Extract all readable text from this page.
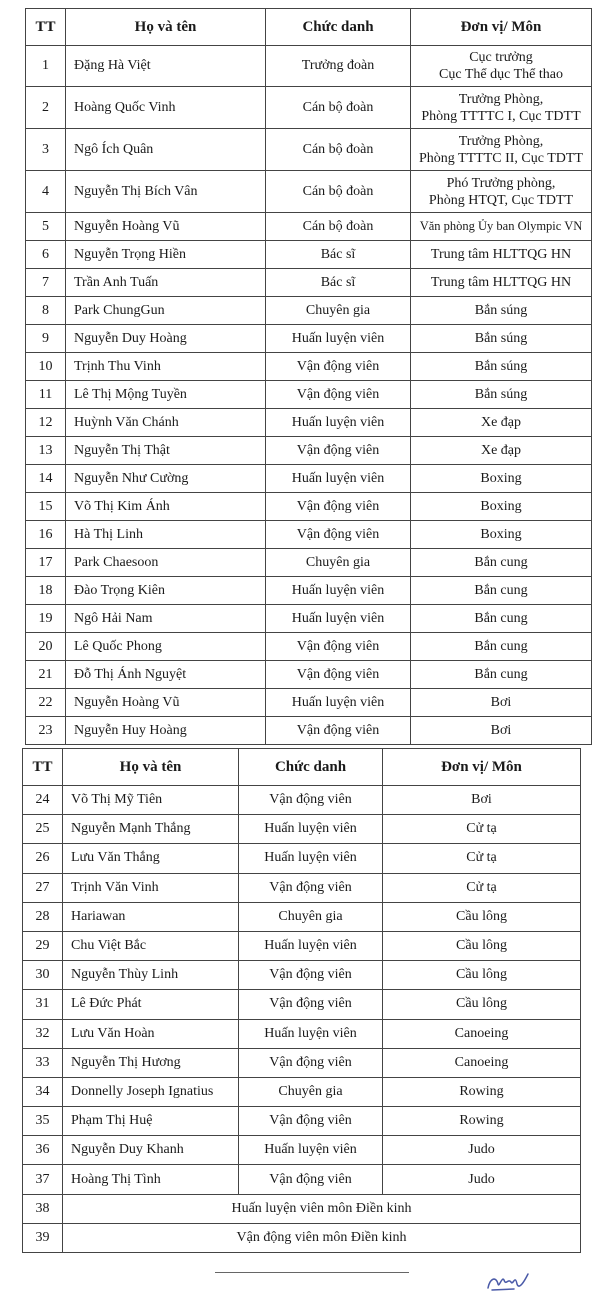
TT	Họ và tên	Chức danh	Đơn vị/ Môn
1	Đặng Hà Việt	Trưởng đoàn	Cục trưởng
Cục Thể dục Thể thao

2	Hoàng Quốc Vinh	Cán bộ đoàn	Trưởng Phòng,
Phòng TTTTC I, Cục TDTT

3	Ngô Ích Quân	Cán bộ đoàn	Trưởng Phòng,
Phòng TTTTC II, Cục TDTT

4	Nguyễn Thị Bích Vân	Cán bộ đoàn	Phó Trưởng phòng,
Phòng HTQT, Cục TDTT

5	Nguyễn Hoàng Vũ	Cán bộ đoàn	Văn phòng Ủy ban Olympic VN
6	Nguyễn Trọng Hiền	Bác sĩ	Trung tâm HLTTQG HN
7	Trần Anh Tuấn	Bác sĩ	Trung tâm HLTTQG HN
8	Park ChungGun	Chuyên gia	Bắn súng
9	Nguyễn Duy Hoàng	Huấn luyện viên	Bắn súng
10	Trịnh Thu Vinh	Vận động viên	Bắn súng
11	Lê Thị Mộng Tuyền	Vận động viên	Bắn súng
12	Huỳnh Văn Chánh	Huấn luyện viên	Xe đạp
13	Nguyễn Thị Thật	Vận động viên	Xe đạp
14	Nguyễn Như Cường	Huấn luyện viên	Boxing
15	Võ Thị Kim Ánh	Vận động viên	Boxing
16	Hà Thị Linh	Vận động viên	Boxing
17	Park Chaesoon	Chuyên gia	Bắn cung
18	Đào Trọng Kiên	Huấn luyện viên	Bắn cung
19	Ngô Hải Nam	Huấn luyện viên	Bắn cung
20	Lê Quốc Phong	Vận động viên	Bắn cung
21	Đỗ Thị Ánh Nguyệt	Vận động viên	Bắn cung
22	Nguyễn Hoàng Vũ	Huấn luyện viên	Bơi
23	Nguyễn Huy Hoàng	Vận động viên	Bơi
TT	Họ và tên	Chức danh	Đơn vị/ Môn
24	Võ Thị Mỹ Tiên	Vận động viên	Bơi
25	Nguyễn Mạnh Thắng	Huấn luyện viên	Cử tạ
26	Lưu Văn Thắng	Huấn luyện viên	Cử tạ
27	Trịnh Văn Vinh	Vận động viên	Cử tạ
28	Hariawan	Chuyên gia	Cầu lông
29	Chu Việt Bắc	Huấn luyện viên	Cầu lông
30	Nguyễn Thùy Linh	Vận động viên	Cầu lông
31	Lê Đức Phát	Vận động viên	Cầu lông
32	Lưu Văn Hoàn	Huấn luyện viên	Canoeing
33	Nguyễn Thị Hương	Vận động viên	Canoeing
34	Donnelly Joseph Ignatius	Chuyên gia	Rowing
35	Phạm Thị Huệ	Vận động viên	Rowing
36	Nguyễn Duy Khanh	Huấn luyện viên	Judo
37	Hoàng Thị Tình	Vận động viên	Judo
38	Huấn luyện viên môn Điền kinh		
39	Vận động viên môn Điền kinh		
